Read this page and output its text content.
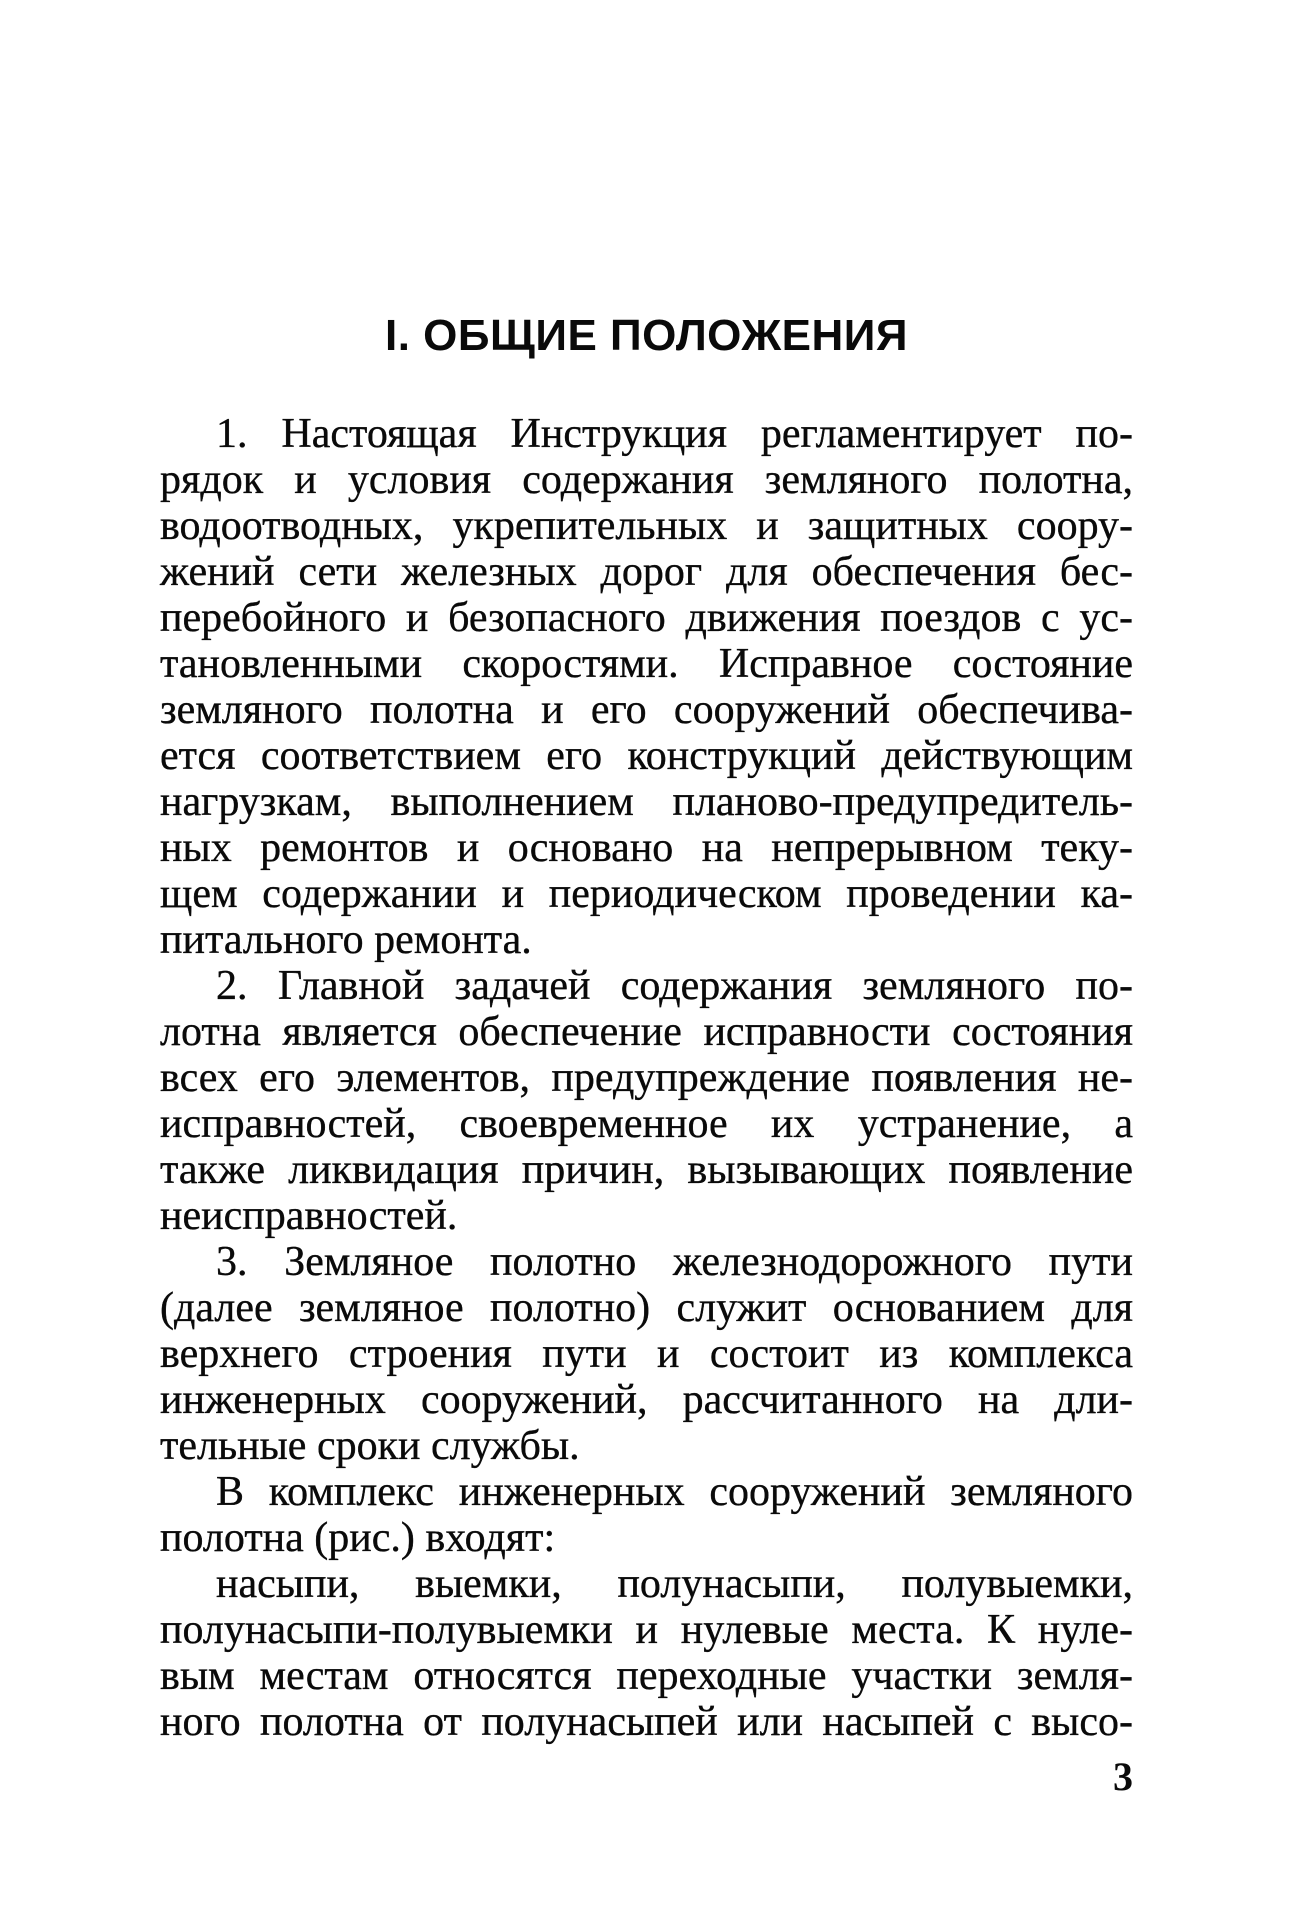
I. ОБЩИЕ ПОЛОЖЕНИЯ
1. Настоящая Инструкция регламентирует по-
рядок и условия содержания земляного полотна,
водоотводных, укрепительных и защитных соору-
жений сети железных дорог для обеспечения бес-
перебойного и безопасного движения поездов с ус-
тановленными скоростями. Исправное состояние
земляного полотна и его сооружений обеспечива-
ется соответствием его конструкций действующим
нагрузкам, выполнением планово-предупредитель-
ных ремонтов и основано на непрерывном теку-
щем содержании и периодическом проведении ка-
питального ремонта.
2. Главной задачей содержания земляного по-
лотна является обеспечение исправности состояния
всех его элементов, предупреждение появления не-
исправностей, своевременное их устранение, а
также ликвидация причин, вызывающих появление
неисправностей.
3. Земляное полотно железнодорожного пути
(далее земляное полотно) служит основанием для
верхнего строения пути и состоит из комплекса
инженерных сооружений, рассчитанного на дли-
тельные сроки службы.
В комплекс инженерных сооружений земляного
полотна (рис.) входят:
насыпи, выемки, полунасыпи, полувыемки,
полунасыпи-полувыемки и нулевые места. К нуле-
вым местам относятся переходные участки земля-
ного полотна от полунасыпей или насыпей с высо-
3
